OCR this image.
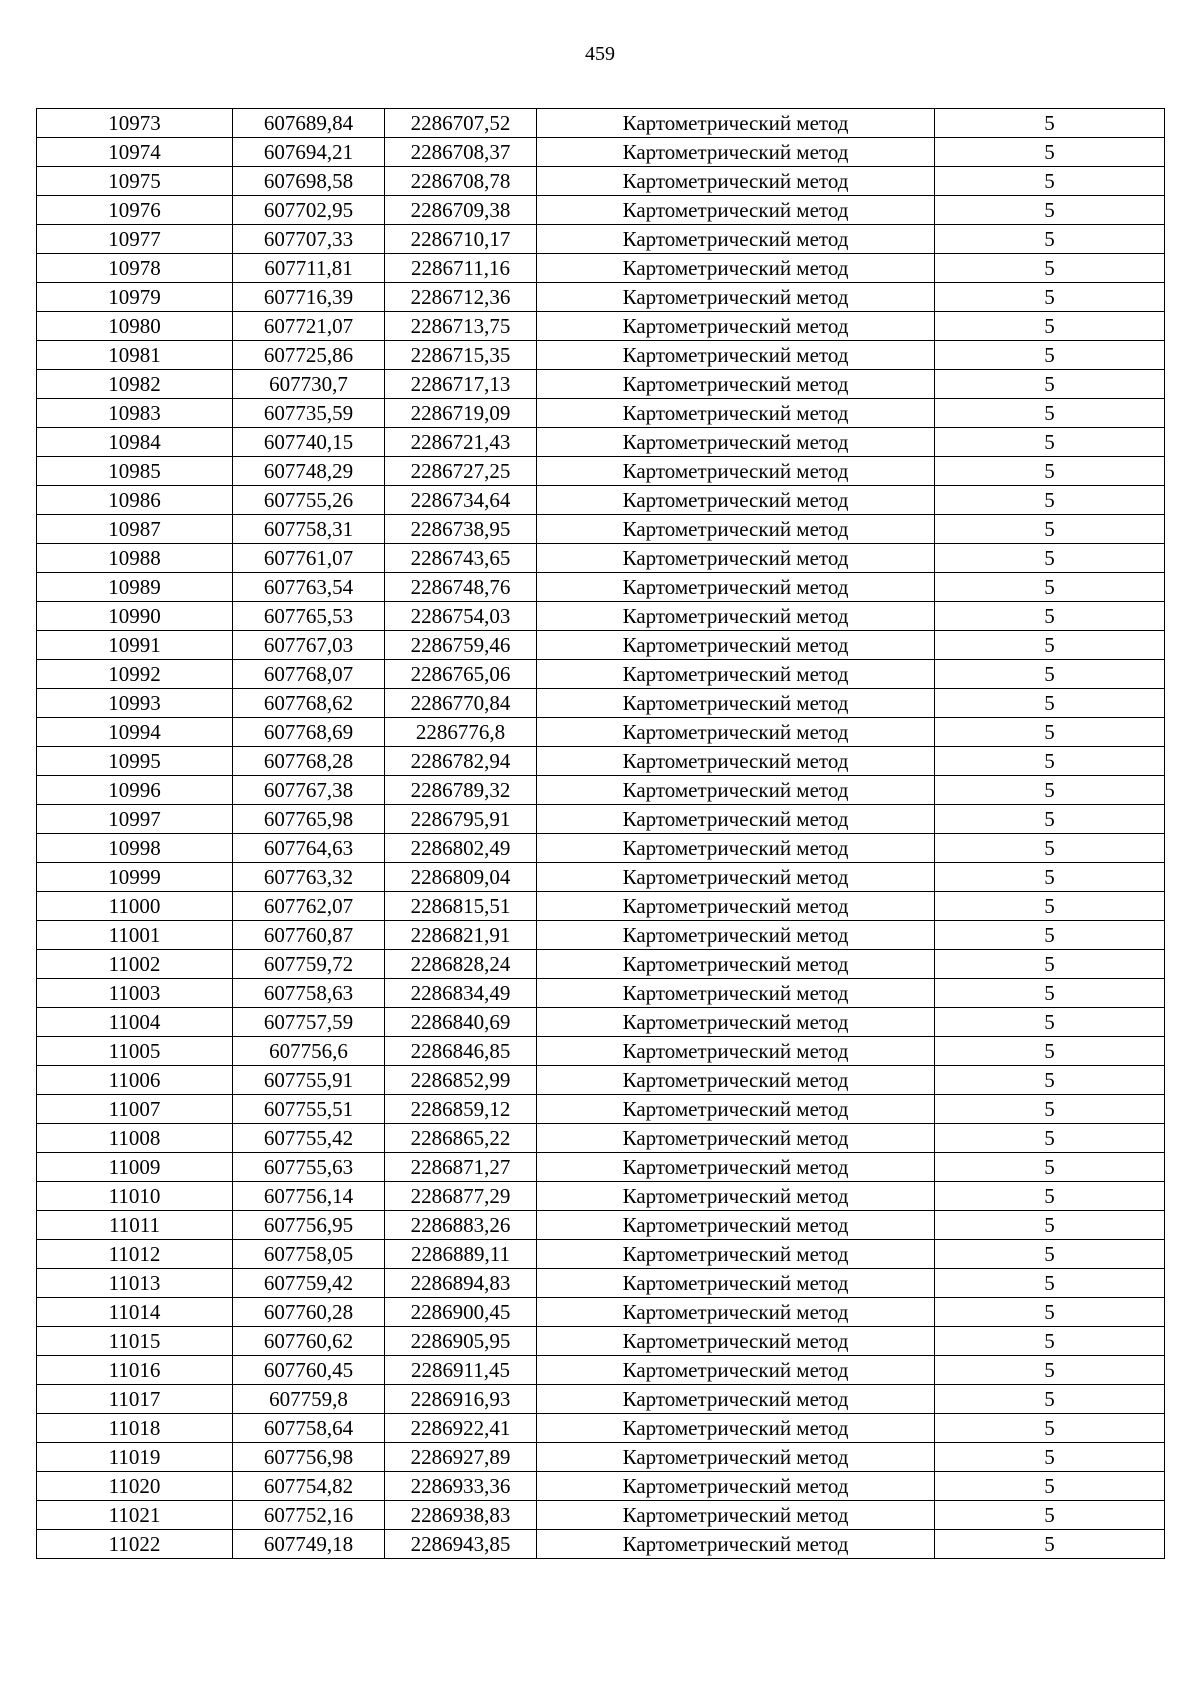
459
10973	607689,84	2286707,52	Картометрический метод	5
10974	607694,21	2286708,37	Картометрический метод	5
10975	607698,58	2286708,78	Картометрический метод	5
10976	607702,95	2286709,38	Картометрический метод	5
10977	607707,33	2286710,17	Картометрический метод	5
10978	607711,81	2286711,16	Картометрический метод	5
10979	607716,39	2286712,36	Картометрический метод	5
10980	607721,07	2286713,75	Картометрический метод	5
10981	607725,86	2286715,35	Картометрический метод	5
10982	607730,7	2286717,13	Картометрический метод	5
10983	607735,59	2286719,09	Картометрический метод	5
10984	607740,15	2286721,43	Картометрический метод	5
10985	607748,29	2286727,25	Картометрический метод	5
10986	607755,26	2286734,64	Картометрический метод	5
10987	607758,31	2286738,95	Картометрический метод	5
10988	607761,07	2286743,65	Картометрический метод	5
10989	607763,54	2286748,76	Картометрический метод	5
10990	607765,53	2286754,03	Картометрический метод	5
10991	607767,03	2286759,46	Картометрический метод	5
10992	607768,07	2286765,06	Картометрический метод	5
10993	607768,62	2286770,84	Картометрический метод	5
10994	607768,69	2286776,8	Картометрический метод	5
10995	607768,28	2286782,94	Картометрический метод	5
10996	607767,38	2286789,32	Картометрический метод	5
10997	607765,98	2286795,91	Картометрический метод	5
10998	607764,63	2286802,49	Картометрический метод	5
10999	607763,32	2286809,04	Картометрический метод	5
11000	607762,07	2286815,51	Картометрический метод	5
11001	607760,87	2286821,91	Картометрический метод	5
11002	607759,72	2286828,24	Картометрический метод	5
11003	607758,63	2286834,49	Картометрический метод	5
11004	607757,59	2286840,69	Картометрический метод	5
11005	607756,6	2286846,85	Картометрический метод	5
11006	607755,91	2286852,99	Картометрический метод	5
11007	607755,51	2286859,12	Картометрический метод	5
11008	607755,42	2286865,22	Картометрический метод	5
11009	607755,63	2286871,27	Картометрический метод	5
11010	607756,14	2286877,29	Картометрический метод	5
11011	607756,95	2286883,26	Картометрический метод	5
11012	607758,05	2286889,11	Картометрический метод	5
11013	607759,42	2286894,83	Картометрический метод	5
11014	607760,28	2286900,45	Картометрический метод	5
11015	607760,62	2286905,95	Картометрический метод	5
11016	607760,45	2286911,45	Картометрический метод	5
11017	607759,8	2286916,93	Картометрический метод	5
11018	607758,64	2286922,41	Картометрический метод	5
11019	607756,98	2286927,89	Картометрический метод	5
11020	607754,82	2286933,36	Картометрический метод	5
11021	607752,16	2286938,83	Картометрический метод	5
11022	607749,18	2286943,85	Картометрический метод	5
